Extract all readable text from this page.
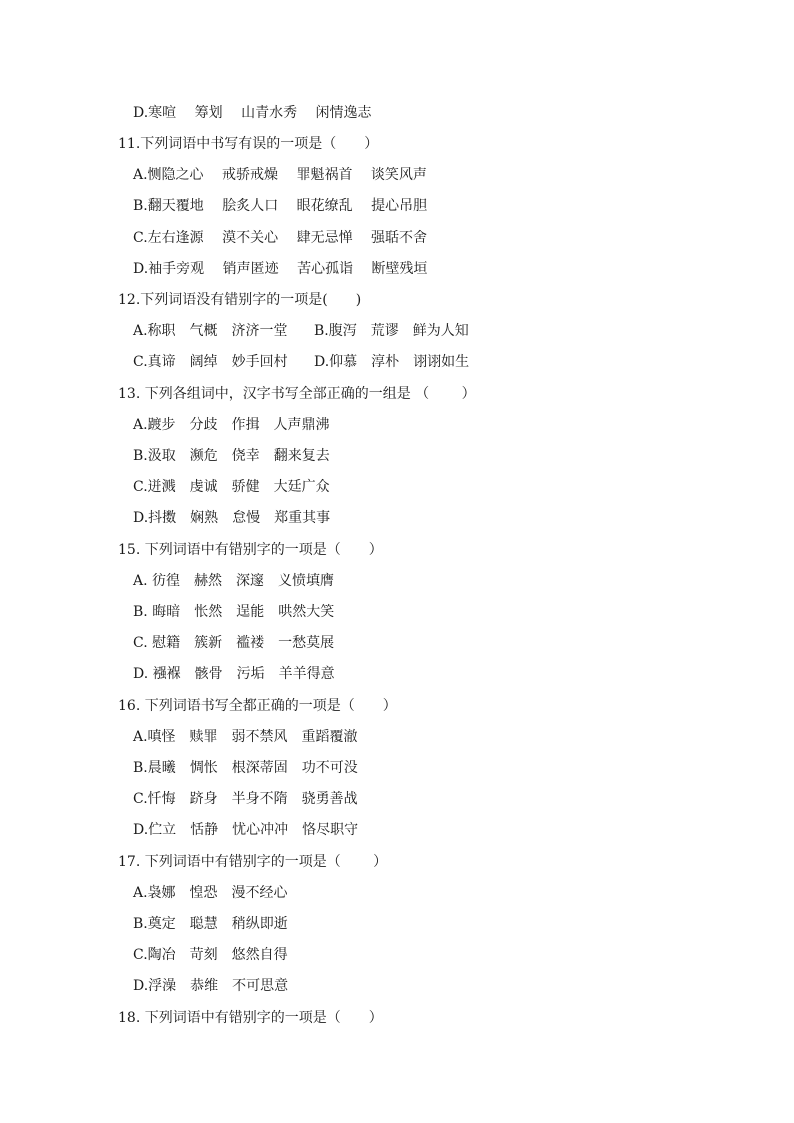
D.寒喧　 筹划　 山青水秀　 闲情逸志
11.下列词语中书写有误的一项是（　　）
A.恻隐之心　 戒骄戒燥　 罪魁祸首　 谈笑风声
B.翻天覆地　 脍炙人口　 眼花缭乱　 提心吊胆
C.左右逢源　 漠不关心　 肆无忌惮　 强聒不舍
D.袖手旁观　 销声匿迹　 苦心孤诣　 断壁残垣
12.下列词语没有错别字的一项是(　　)
A.称职　气概　济济一堂 B.腹泻　荒谬　鲜为人知
C.真谛　阔绰　妙手回村 D.仰慕　淳朴　诩诩如生
13. 下列各组词中，汉字书写全部正确的一组是 （　　 ）
A.踱步　分歧　作揖　人声鼎沸
B.汲取　濒危　侥幸　翻来复去
C.迸溅　虔诚　骄健　大廷广众
D.抖擞　娴熟　怠慢　郑重其事
15. 下列词语中有错别字的一项是（　　）
A. 彷徨　赫然　深邃　义愤填膺
B. 晦暗　怅然　逞能　哄然大笑
C. 慰籍　簇新　褴褛　一愁莫展
D. 襁褓　骸骨　污垢　羊羊得意
16. 下列词语书写全都正确的一项是（　　）
A.嗔怪　赎罪　弱不禁风　重蹈覆澈
B.晨曦　惆怅　根深蒂固　功不可没
C.忏悔　跻身　半身不隋　骁勇善战
D.伫立　恬静　忧心冲冲　恪尽职守
17. 下列词语中有错别字的一项是（　　 ）
A.袅娜　惶恐　漫不经心
B.奠定　聪慧　稍纵即逝
C.陶冶　苛刻　悠然自得
D.浮澡　恭维　不可思意
18. 下列词语中有错别字的一项是（　　）
